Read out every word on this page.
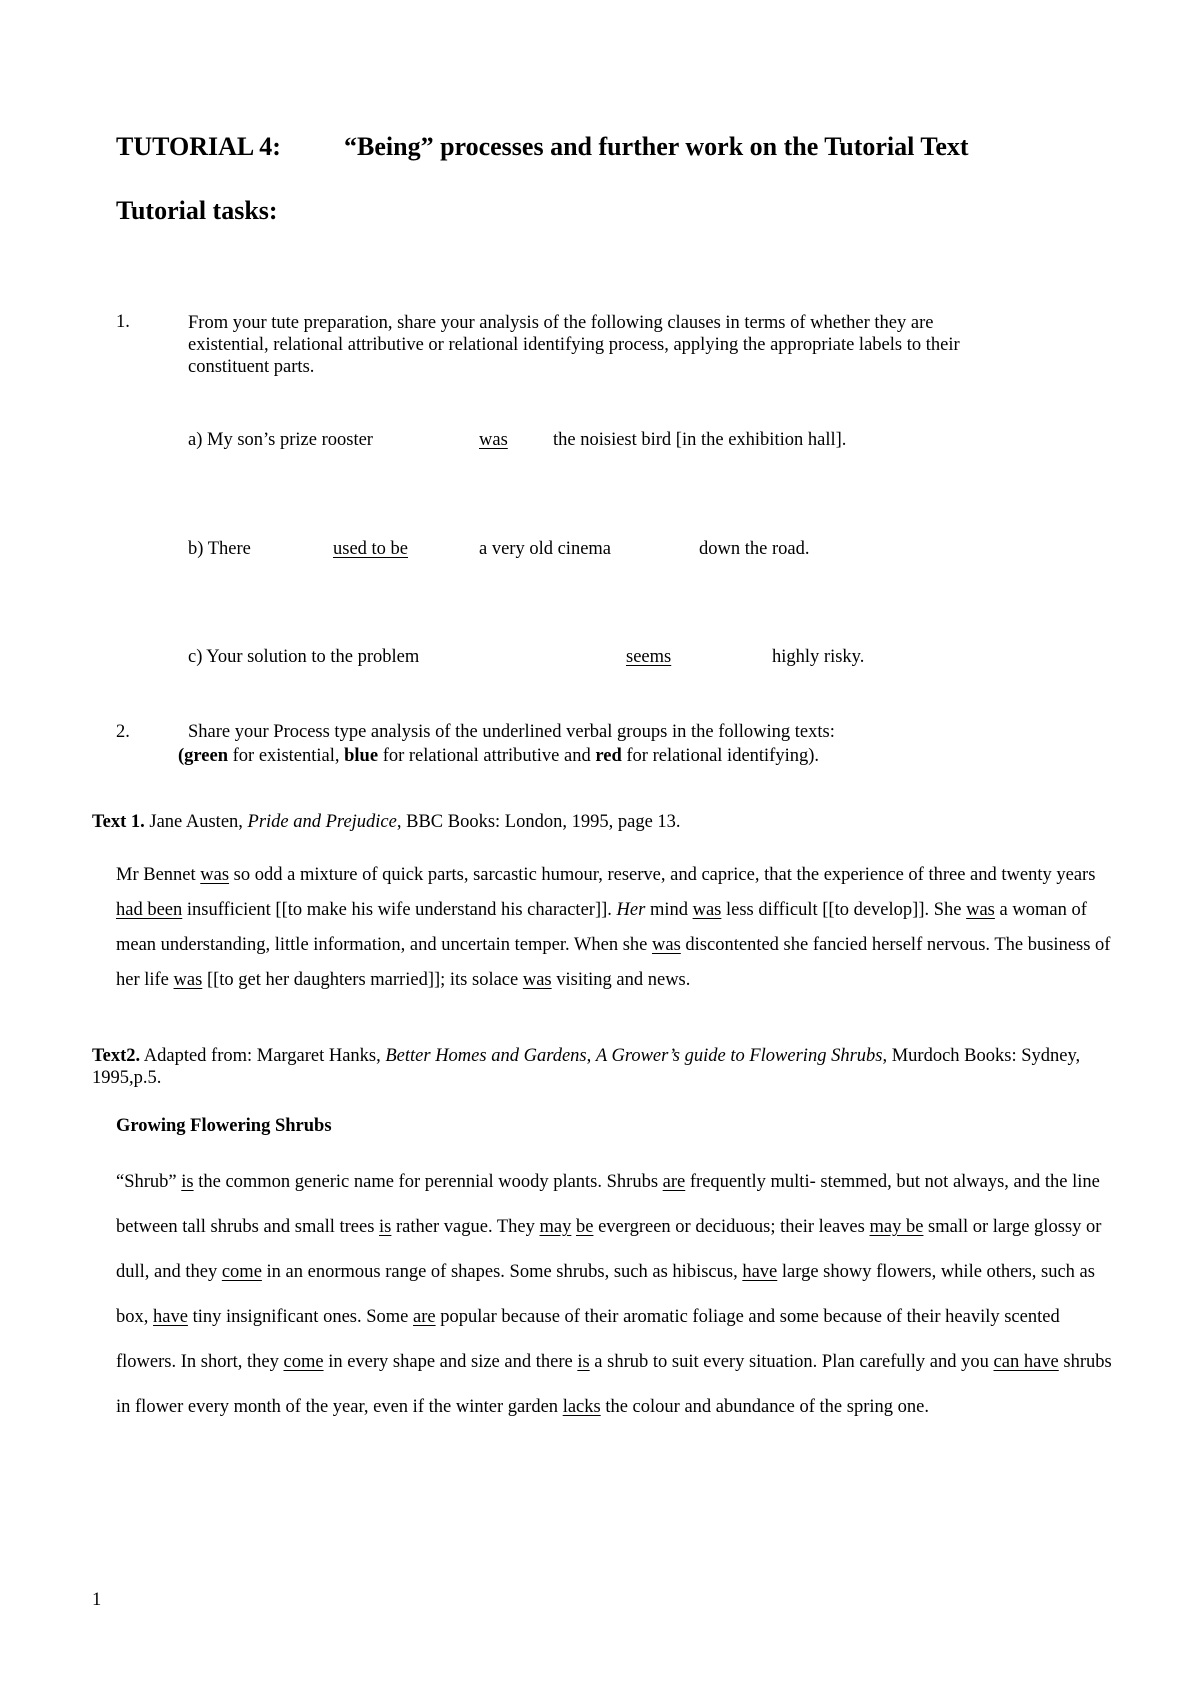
TUTORIAL 4: “Being” processes and further work on the Tutorial Text
Tutorial tasks:
1.	From your tute preparation, share your analysis of the following clauses in terms of whether they are
existential, relational attributive or relational identifying process, applying the appropriate labels to their
constituent parts.
a) My son’s prize rooster	was the noisiest bird [in the exhibition hall].
b) There	used to be	a very old cinema	down the road.
c) Your solution to the problem	seems	highly risky.
2.	Share your Process type analysis of the underlined verbal groups in the following texts:
(green for existential, blue for relational attributive and red for relational identifying).
Text 1. Jane Austen, Pride and Prejudice, BBC Books: London, 1995, page 13.

Mr Bennet was so odd a mixture of quick parts, sarcastic humour, reserve, and caprice, that the experience of three and twenty years had been insufficient [[to make his wife understand his character]]. Her mind was less difficult [[to develop]]. She was a woman of mean understanding, little information, and uncertain temper. When she was discontented she fancied herself nervous. The business of her life was [[to get her daughters married]]; its solace was visiting and news.

Text2. Adapted from: Margaret Hanks, Better Homes and Gardens, A Grower’s guide to Flowering Shrubs, Murdoch Books: Sydney, 1995,p.5.
Growing Flowering Shrubs

“Shrub” is the common generic name for perennial woody plants. Shrubs are frequently multi- stemmed, but not always, and the line between tall shrubs and small trees is rather vague. They may be evergreen or deciduous; their leaves may be small or large glossy or dull, and they come in an enormous range of shapes. Some shrubs, such as hibiscus, have large showy flowers, while others, such as box, have tiny insignificant ones. Some are popular because of their aromatic foliage and some because of their heavily scented flowers. In short, they come in every shape and size and there is a shrub to suit every situation. Plan carefully and you can have shrubs in flower every month of the year, even if the winter garden lacks the colour and abundance of the spring one.

1
